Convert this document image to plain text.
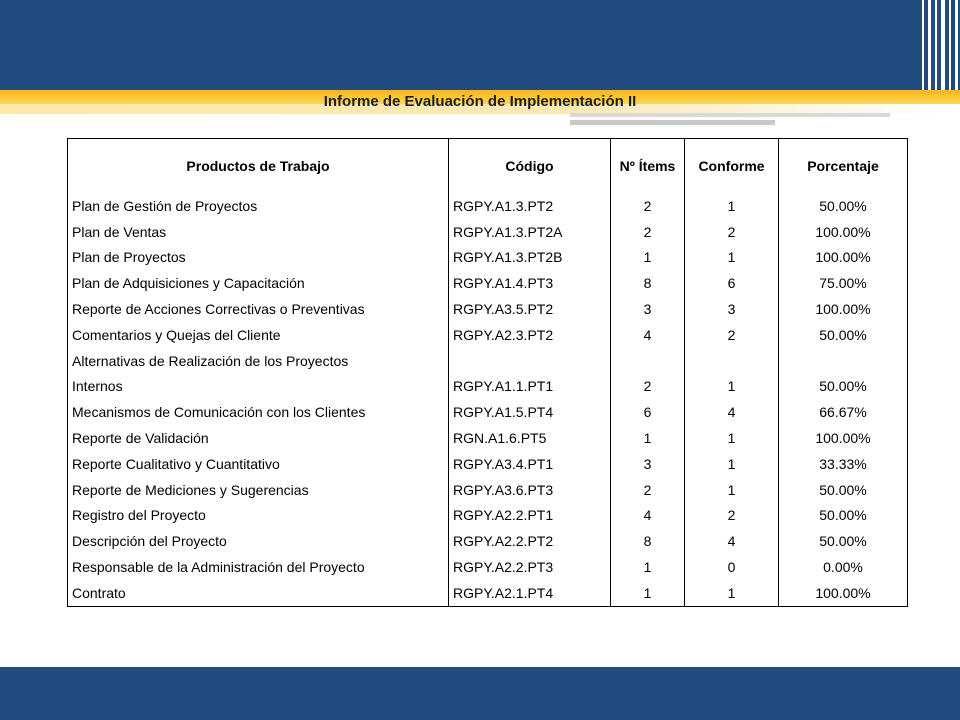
Informe de Evaluación de Implementación II
Productos de Trabajo	Código	Nº Ítems	Conforme	Porcentaje
Plan de Gestión de Proyectos	RGPY.A1.3.PT2	2	1	50.00%
Plan de Ventas	RGPY.A1.3.PT2A	2	2	100.00%
Plan de Proyectos	RGPY.A1.3.PT2B	1	1	100.00%
Plan de Adquisiciones y Capacitación	RGPY.A1.4.PT3	8	6	75.00%
Reporte de Acciones Correctivas o Preventivas	RGPY.A3.5.PT2	3	3	100.00%
Comentarios y Quejas del Cliente	RGPY.A2.3.PT2	4	2	50.00%
Alternativas de Realización de los Proyectos				
Internos	RGPY.A1.1.PT1	2	1	50.00%
Mecanismos de Comunicación con los Clientes	RGPY.A1.5.PT4	6	4	66.67%
Reporte de Validación	RGN.A1.6.PT5	1	1	100.00%
Reporte Cualitativo y Cuantitativo	RGPY.A3.4.PT1	3	1	33.33%
Reporte de Mediciones y Sugerencias	RGPY.A3.6.PT3	2	1	50.00%
Registro del Proyecto	RGPY.A2.2.PT1	4	2	50.00%
Descripción del Proyecto	RGPY.A2.2.PT2	8	4	50.00%
Responsable de la Administración del Proyecto	RGPY.A2.2.PT3	1	0	0.00%
Contrato	RGPY.A2.1.PT4	1	1	100.00%
